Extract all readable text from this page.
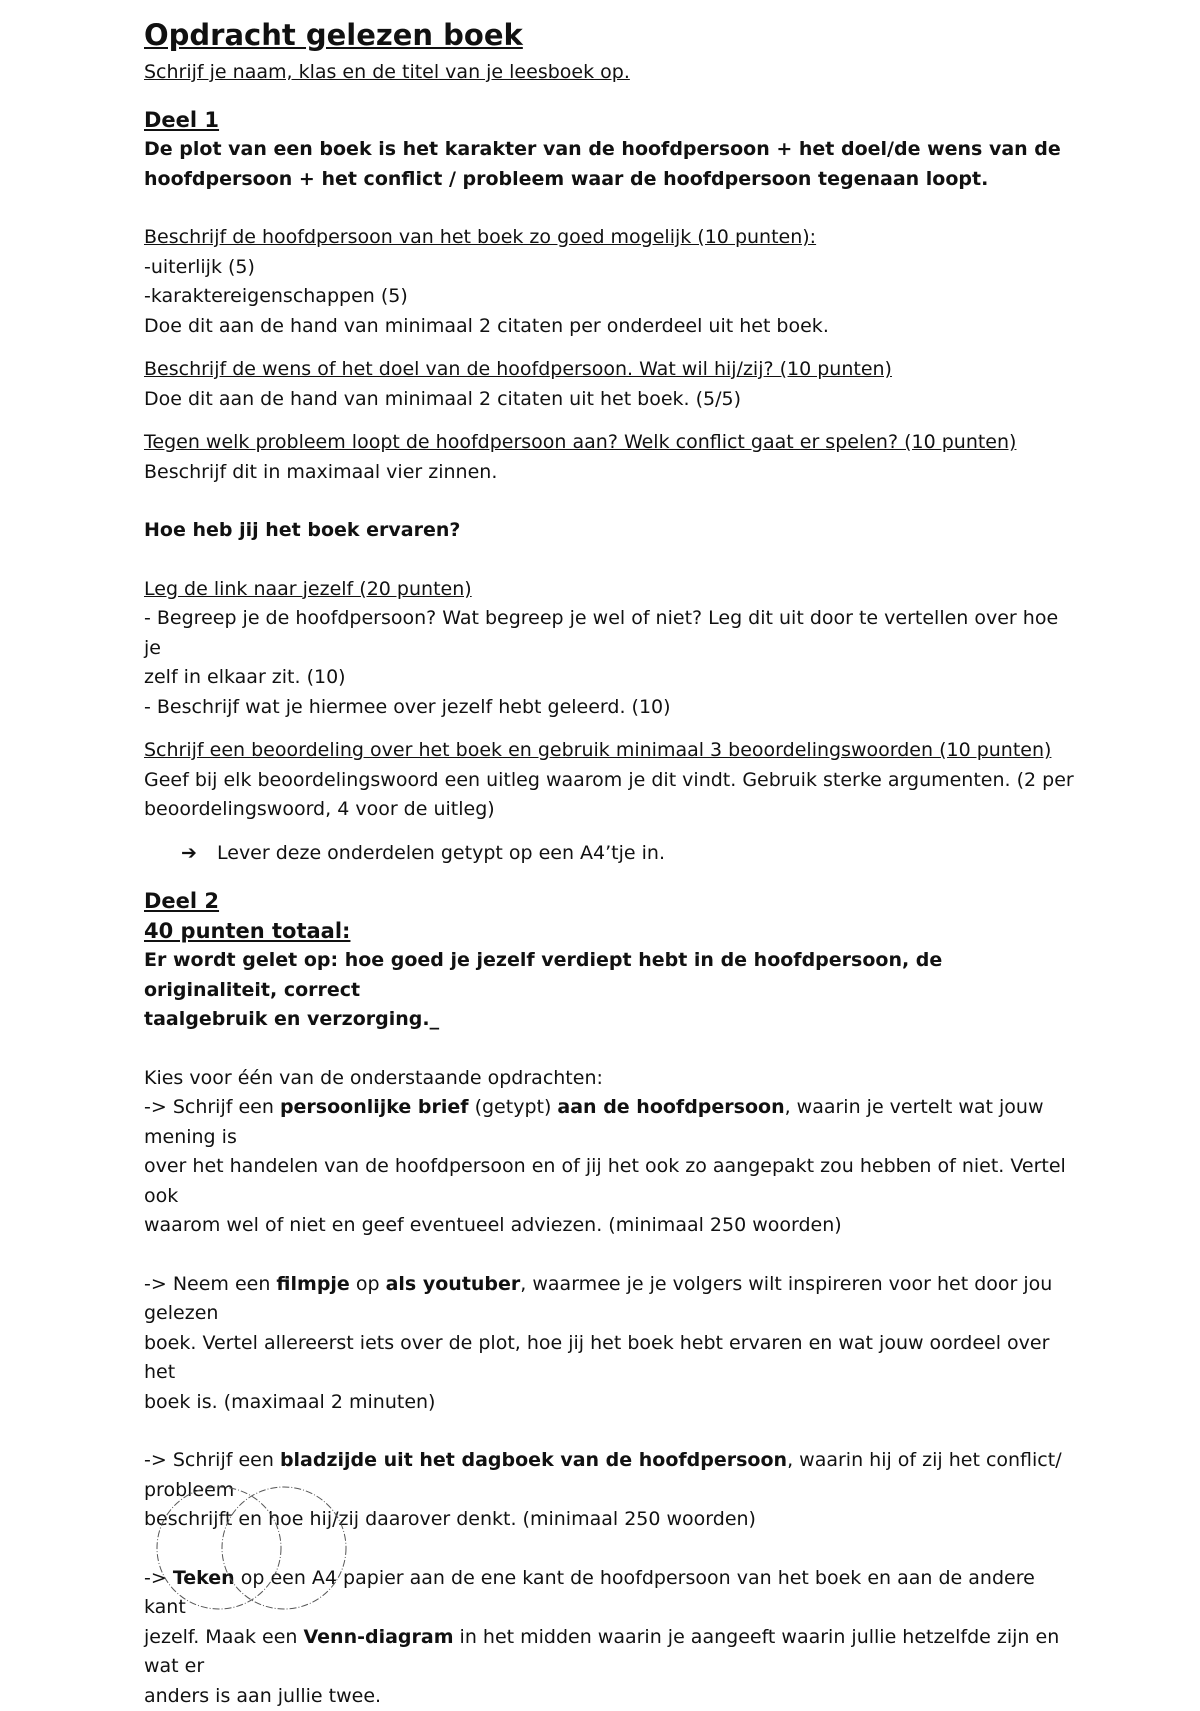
Opdracht gelezen boek

Schrijf je naam, klas en de titel van je leesboek op.

Deel 1

De plot van een boek is het karakter van de hoofdpersoon + het doel/de wens van de

hoofdpersoon + het conflict / probleem waar de hoofdpersoon tegenaan loopt.

Beschrijf de hoofdpersoon van het boek zo goed mogelijk (10 punten):

-uiterlijk (5)

-karaktereigenschappen (5)

Doe dit aan de hand van minimaal 2 citaten per onderdeel uit het boek.

Beschrijf de wens of het doel van de hoofdpersoon. Wat wil hij/zij? (10 punten)

Doe dit aan de hand van minimaal 2 citaten uit het boek. (5/5)

Tegen welk probleem loopt de hoofdpersoon aan? Welk conflict gaat er spelen? (10 punten)

Beschrijf dit in maximaal vier zinnen.

Hoe heb jij het boek ervaren?

Leg de link naar jezelf (20 punten)

- Begreep je de hoofdpersoon? Wat begreep je wel of niet? Leg dit uit door te vertellen over hoe je

zelf in elkaar zit. (10)

- Beschrijf wat je hiermee over jezelf hebt geleerd. (10)

Schrijf een beoordeling over het boek en gebruik minimaal 3 beoordelingswoorden (10 punten)

Geef bij elk beoordelingswoord een uitleg waarom je dit vindt. Gebruik sterke argumenten. (2 per

beoordelingswoord, 4 voor de uitleg)

➔	Lever deze onderdelen getypt op een A4’tje in.

Deel 2

40 punten totaal:

Er wordt gelet op: hoe goed je jezelf verdiept hebt in de hoofdpersoon, de originaliteit, correct

taalgebruik en verzorging._

Kies voor één van de onderstaande opdrachten:

-> Schrijf een persoonlijke brief (getypt) aan de hoofdpersoon, waarin je vertelt wat jouw mening is

over het handelen van de hoofdpersoon en of jij het ook zo aangepakt zou hebben of niet. Vertel ook

waarom wel of niet en geef eventueel adviezen. (minimaal 250 woorden)

-> Neem een filmpje op als youtuber, waarmee je je volgers wilt inspireren voor het door jou gelezen

boek. Vertel allereerst iets over de plot, hoe jij het boek hebt ervaren en wat jouw oordeel over het

boek is. (maximaal 2 minuten)

-> Schrijf een bladzijde uit het dagboek van de hoofdpersoon, waarin hij of zij het conflict/ probleem

beschrijft en hoe hij/zij daarover denkt. (minimaal 250 woorden)

-> Teken op een A4 papier aan de ene kant de hoofdpersoon van het boek en aan de andere kant

jezelf. Maak een Venn-diagram in het midden waarin je aangeeft waarin jullie hetzelfde zijn en wat er

anders is aan jullie twee.
